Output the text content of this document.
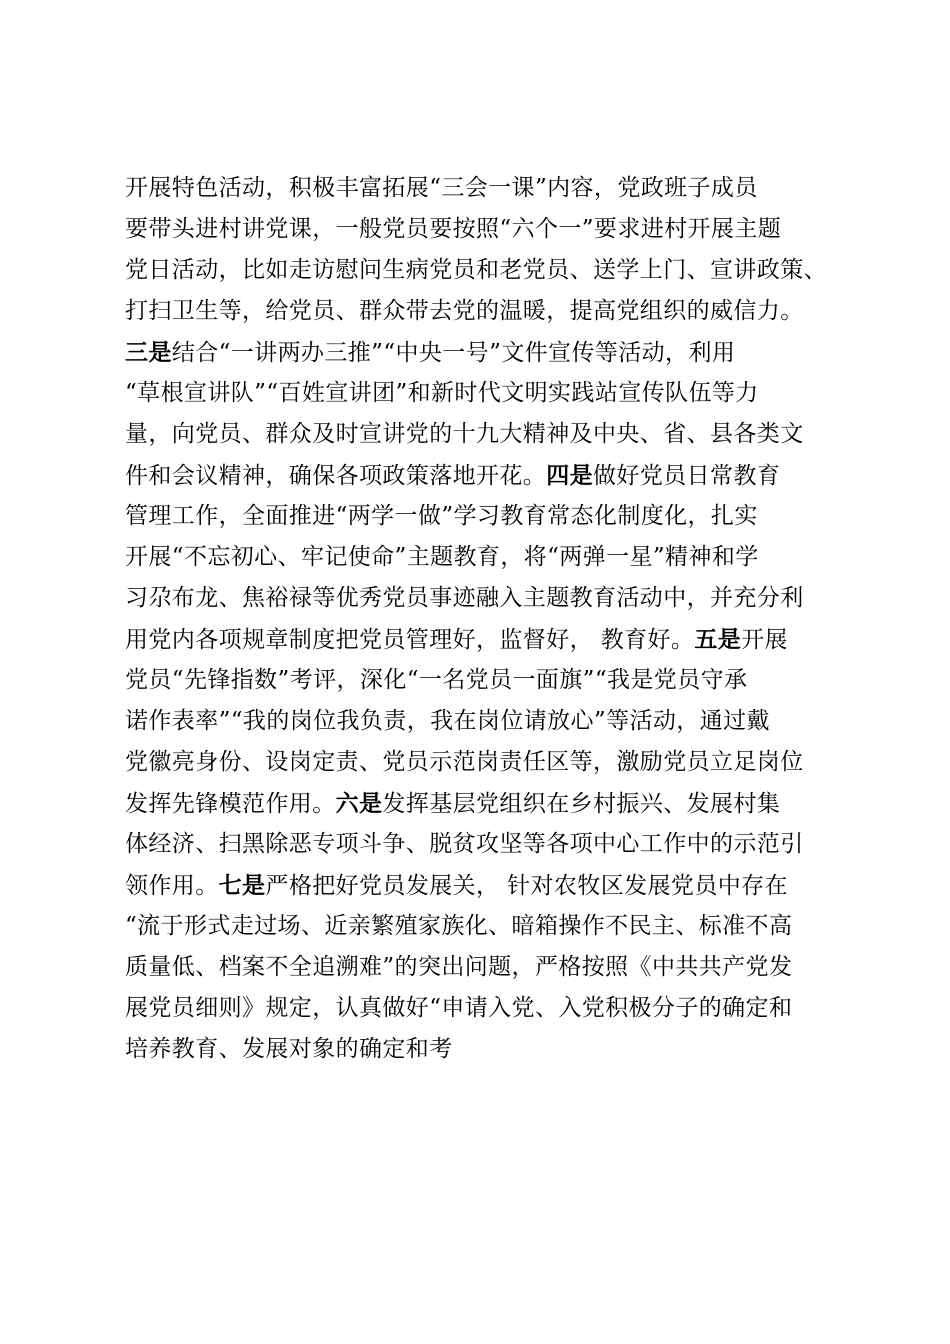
开展特色活动，积极丰富拓展“三会一课”内容，党政班子成员
要带头进村讲党课，一般党员要按照“六个一”要求进村开展主题
党日活动，比如走访慰问生病党员和老党员、送学上门、宣讲政策、
打扫卫生等，给党员、群众带去党的温暖，提高党组织的威信力。
三是结合“一讲两办三推”“中央一号”文件宣传等活动，利用
“草根宣讲队”“百姓宣讲团”和新时代文明实践站宣传队伍等力
量，向党员、群众及时宣讲党的十九大精神及中央、省、县各类文
件和会议精神，确保各项政策落地开花。四是做好党员日常教育
管理工作，全面推进“两学一做”学习教育常态化制度化，扎实
开展“不忘初心、牢记使命”主题教育，将“两弹一星”精神和学
习尕布龙、焦裕禄等优秀党员事迹融入主题教育活动中，并充分利
用党内各项规章制度把党员管理好，监督好， 教育好。五是开展
党员“先锋指数”考评，深化“一名党员一面旗”“我是党员守承
诺作表率”“我的岗位我负责，我在岗位请放心”等活动，通过戴
党徽亮身份、设岗定责、党员示范岗责任区等，激励党员立足岗位
发挥先锋模范作用。六是发挥基层党组织在乡村振兴、发展村集
体经济、扫黑除恶专项斗争、脱贫攻坚等各项中心工作中的示范引
领作用。七是严格把好党员发展关， 针对农牧区发展党员中存在
“流于形式走过场、近亲繁殖家族化、暗箱操作不民主、标准不高
质量低、档案不全追溯难”的突出问题，严格按照《中共共产党发
展党员细则》规定，认真做好“申请入党、入党积极分子的确定和
培养教育、发展对象的确定和考
